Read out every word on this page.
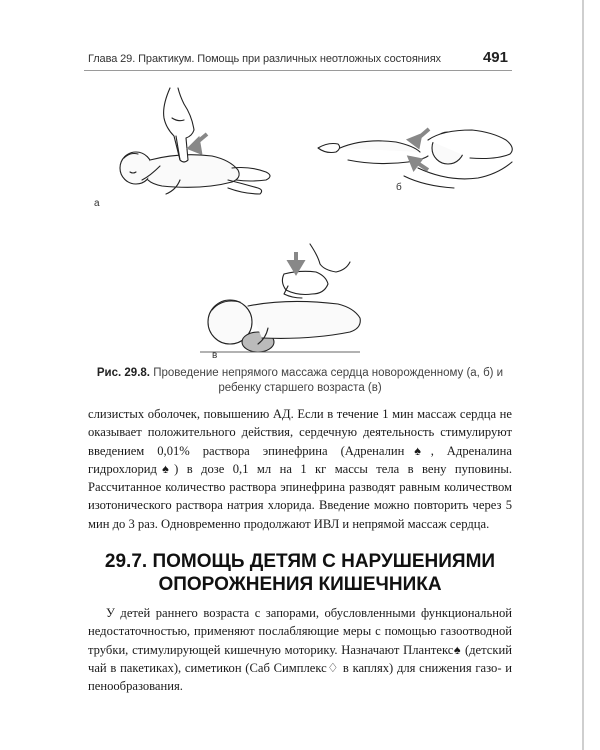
Глава 29. Практикум. Помощь при различных неотложных состояниях	491
а
б
в
Рис. 29.8. Проведение непрямого массажа сердца новорожденному (а, б) и ребенку старшего возраста (в)

слизистых оболочек, повышению АД. Если в течение 1 мин массаж сердца не оказывает положительного действия, сердечную деятельность стимулируют введением 0,01% раствора эпинефрина (Адреналин♠, Адреналина гидрохлорид♠) в дозе 0,1 мл на 1 кг массы тела в вену пуповины. Рассчитанное количество раствора эпинефрина разводят равным количеством изотонического раствора натрия хлорида. Введение можно повторить через 5 мин до 3 раз. Одновременно продолжают ИВЛ и непрямой массаж сердца.

29.7. ПОМОЩЬ ДЕТЯМ С НАРУШЕНИЯМИ
ОПОРОЖНЕНИЯ КИШЕЧНИКА

У детей раннего возраста с запорами, обусловленными функциональной недостаточностью, применяют послабляющие меры с помощью газоотводной трубки, стимулирующей кишечную моторику. Назначают Плантекс♠ (детский чай в пакетиках), симетикон (Саб Симплекс♢ в каплях) для снижения газо- и пенообразования.
